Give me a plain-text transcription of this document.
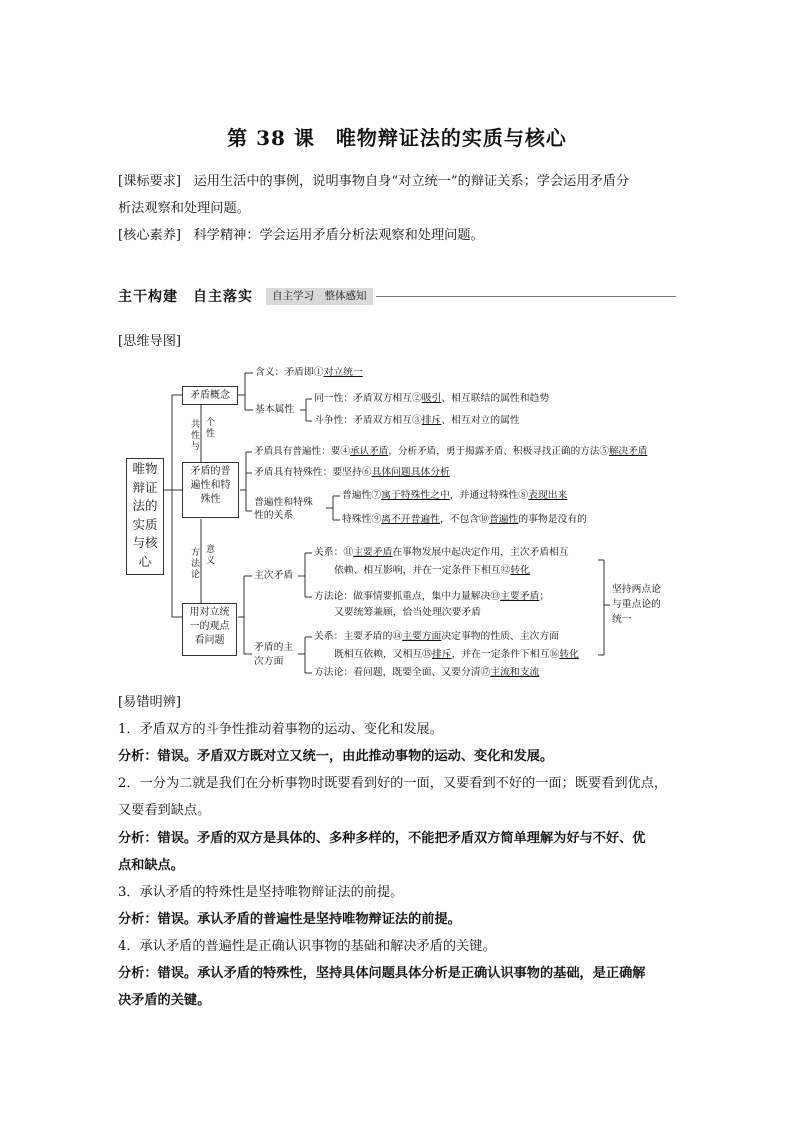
第 38 课　唯物辩证法的实质与核心
[课标要求] 运用生活中的事例，说明事物自身“对立统一”的辩证关系；学会运用矛盾分
析法观察和处理问题。
[核心素养] 科学精神：学会运用矛盾分析法观察和处理问题。
主干构建　自主落实	自主学习　整体感知
[思维导图]
唯物
辩证
法的
实质
与核
心
矛盾概念
矛盾的普
遍性和特
殊性
用对立统
一的观点
看问题
共
性
与
个
性
方
法
论
意
义
含义：矛盾即①对立统一
基本属性
同一性：矛盾双方相互②吸引、相互联结的属性和趋势
斗争性：矛盾双方相互③排斥、相互对立的属性
矛盾具有普遍性：要④承认矛盾，分析矛盾，勇于揭露矛盾、积极寻找正确的方法⑤解决矛盾
矛盾具有特殊性：要坚持⑥具体问题具体分析
普遍性和特殊
性的关系
普遍性⑦寓于特殊性之中，并通过特殊性⑧表现出来
特殊性⑨离不开普遍性，不包含⑩普遍性的事物是没有的
主次矛盾
关系：⑪主要矛盾在事物发展中起决定作用，主次矛盾相互
依赖、相互影响，并在一定条件下相互⑫转化
方法论：做事情要抓重点，集中力量解决⑬主要矛盾；
又要统筹兼顾，恰当处理次要矛盾
矛盾的主
次方面
关系：主要矛盾的⑭主要方面决定事物的性质、主次方面
既相互依赖，又相互⑮排斥，并在一定条件下相互⑯转化
方法论：看问题，既要全面、又要分清⑰主流和支流
坚持两点论
与重点论的
统一
[易错明辨]
1．矛盾双方的斗争性推动着事物的运动、变化和发展。
分析：错误。矛盾双方既对立又统一，由此推动事物的运动、变化和发展。
2．一分为二就是我们在分析事物时既要看到好的一面，又要看到不好的一面；既要看到优点，
又要看到缺点。
分析：错误。矛盾的双方是具体的、多种多样的，不能把矛盾双方简单理解为好与不好、优
点和缺点。
3．承认矛盾的特殊性是坚持唯物辩证法的前提。
分析：错误。承认矛盾的普遍性是坚持唯物辩证法的前提。
4．承认矛盾的普遍性是正确认识事物的基础和解决矛盾的关键。
分析：错误。承认矛盾的特殊性，坚持具体问题具体分析是正确认识事物的基础，是正确解
决矛盾的关键。
